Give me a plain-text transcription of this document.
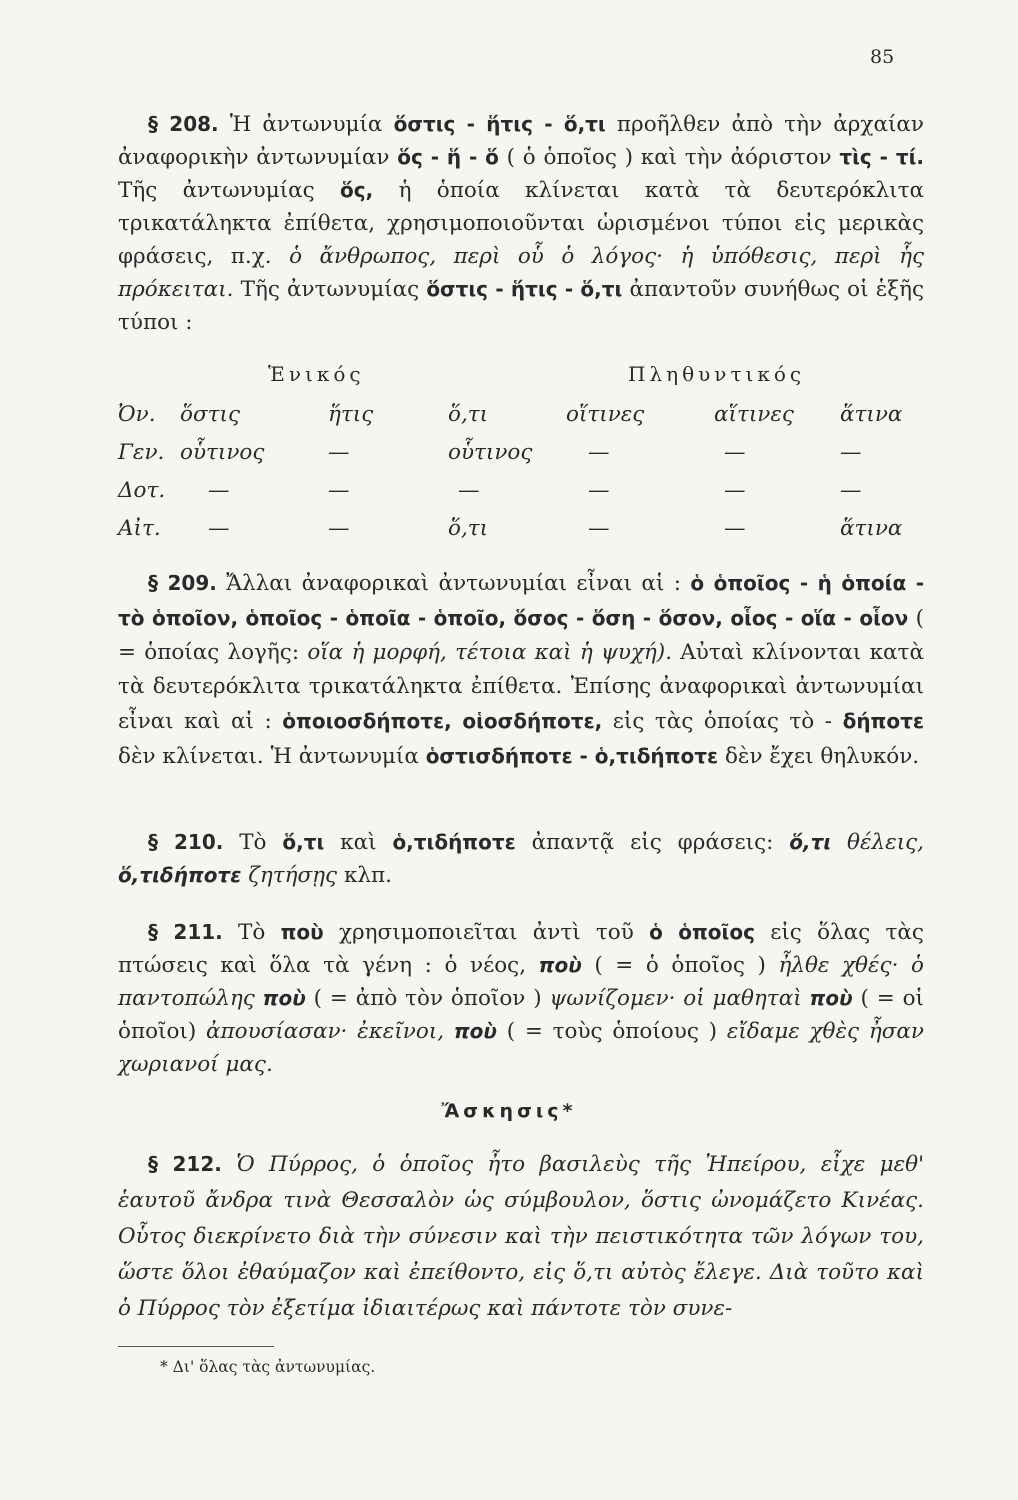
85
§ 208. Ἡ ἀντωνυμία ὅστις - ἥτις - ὅ,τι προῆλθεν ἀπὸ τὴν ἀρχαίαν ἀναφορικὴν ἀντωνυμίαν ὅς - ἥ - ὅ ( ὁ ὁποῖος ) καὶ τὴν ἀόριστον τὶς - τί. Τῆς ἀντωνυμίας ὅς, ἡ ὁποία κλίνεται κατὰ τὰ δευτερόκλιτα τρικατάληκτα ἐπίθετα, χρησιμοποιοῦνται ὡρισμένοι τύποι εἰς μερικὰς φράσεις, π.χ. ὁ ἄνθρωπος, περὶ οὗ ὁ λόγος· ἡ ὑπόθεσις, περὶ ἧς πρόκειται. Τῆς ἀντωνυμίας ὅστις - ἥτις - ὅ,τι ἀπαντοῦν συνήθως οἱ ἑξῆς τύποι :
Ἑνικός	Πληθυντικός
Ὀν. ὅστις	ἥτις	ὅ,τι	οἵτινες	αἵτινες ἅτινα
Γεν. οὗτινος	—	οὗτινος	—	—	—
Δοτ. —	—	—	—	—	—
Αἰτ. —	—	ὅ,τι	—	—	ἅτινα
§ 209. Ἄλλαι ἀναφορικαὶ ἀντωνυμίαι εἶναι αἱ : ὁ ὁποῖος - ἡ ὁποία - τὸ ὁποῖον, ὁποῖος - ὁποῖα - ὁποῖο, ὅσος - ὅση - ὅσον, οἷος - οἵα - οἷον ( = ὁποίας λογῆς: οἵα ἡ μορφή, τέτοια καὶ ἡ ψυχή). Αὐταὶ κλίνονται κατὰ τὰ δευτερόκλιτα τρικατάληκτα ἐπίθετα. Ἐπίσης ἀναφορικαὶ ἀντωνυμίαι εἶναι καὶ αἱ : ὁποιοσδήποτε, οἱοσδήποτε, εἰς τὰς ὁποίας τὸ - δήποτε δὲν κλίνεται. Ἡ ἀντωνυμία ὁστισδήποτε - ὁ,τιδήποτε δὲν ἔχει θηλυκόν.
§ 210. Τὸ ὅ,τι καὶ ὁ,τιδήποτε ἀπαντᾷ εἰς φράσεις: ὅ,τι θέλεις, ὅ,τιδήποτε ζητήσῃς κλπ.
§ 211. Τὸ ποὺ χρησιμοποιεῖται ἀντὶ τοῦ ὁ ὁποῖος εἰς ὅλας τὰς πτώσεις καὶ ὅλα τὰ γένη : ὁ νέος, ποὺ ( = ὁ ὁποῖος ) ἦλθε χθές· ὁ παντοπώλης ποὺ ( = ἀπὸ τὸν ὁποῖον ) ψωνίζομεν· οἱ μαθηταὶ ποὺ ( = οἱ ὁποῖοι) ἀπουσίασαν· ἐκεῖνοι, ποὺ ( = τοὺς ὁποίους ) εἴδαμε χθὲς ἦσαν χωριανοί μας.
Ἄσκησις*
§ 212. Ὁ Πύρρος, ὁ ὁποῖος ἦτο βασιλεὺς τῆς Ἠπείρου, εἶχε μεθ' ἑαυτοῦ ἄνδρα τινὰ Θεσσαλὸν ὡς σύμβουλον, ὅστις ὠνομάζετο Κινέας. Οὗτος διεκρίνετο διὰ τὴν σύνεσιν καὶ τὴν πειστικότητα τῶν λόγων του, ὥστε ὅλοι ἐθαύμαζον καὶ ἐπείθοντο, εἰς ὅ,τι αὐτὸς ἔλεγε. Διὰ τοῦτο καὶ ὁ Πύρρος τὸν ἐξετίμα ἰδιαιτέρως καὶ πάντοτε τὸν συνε-
* Δι' ὅλας τὰς ἀντωνυμίας.
